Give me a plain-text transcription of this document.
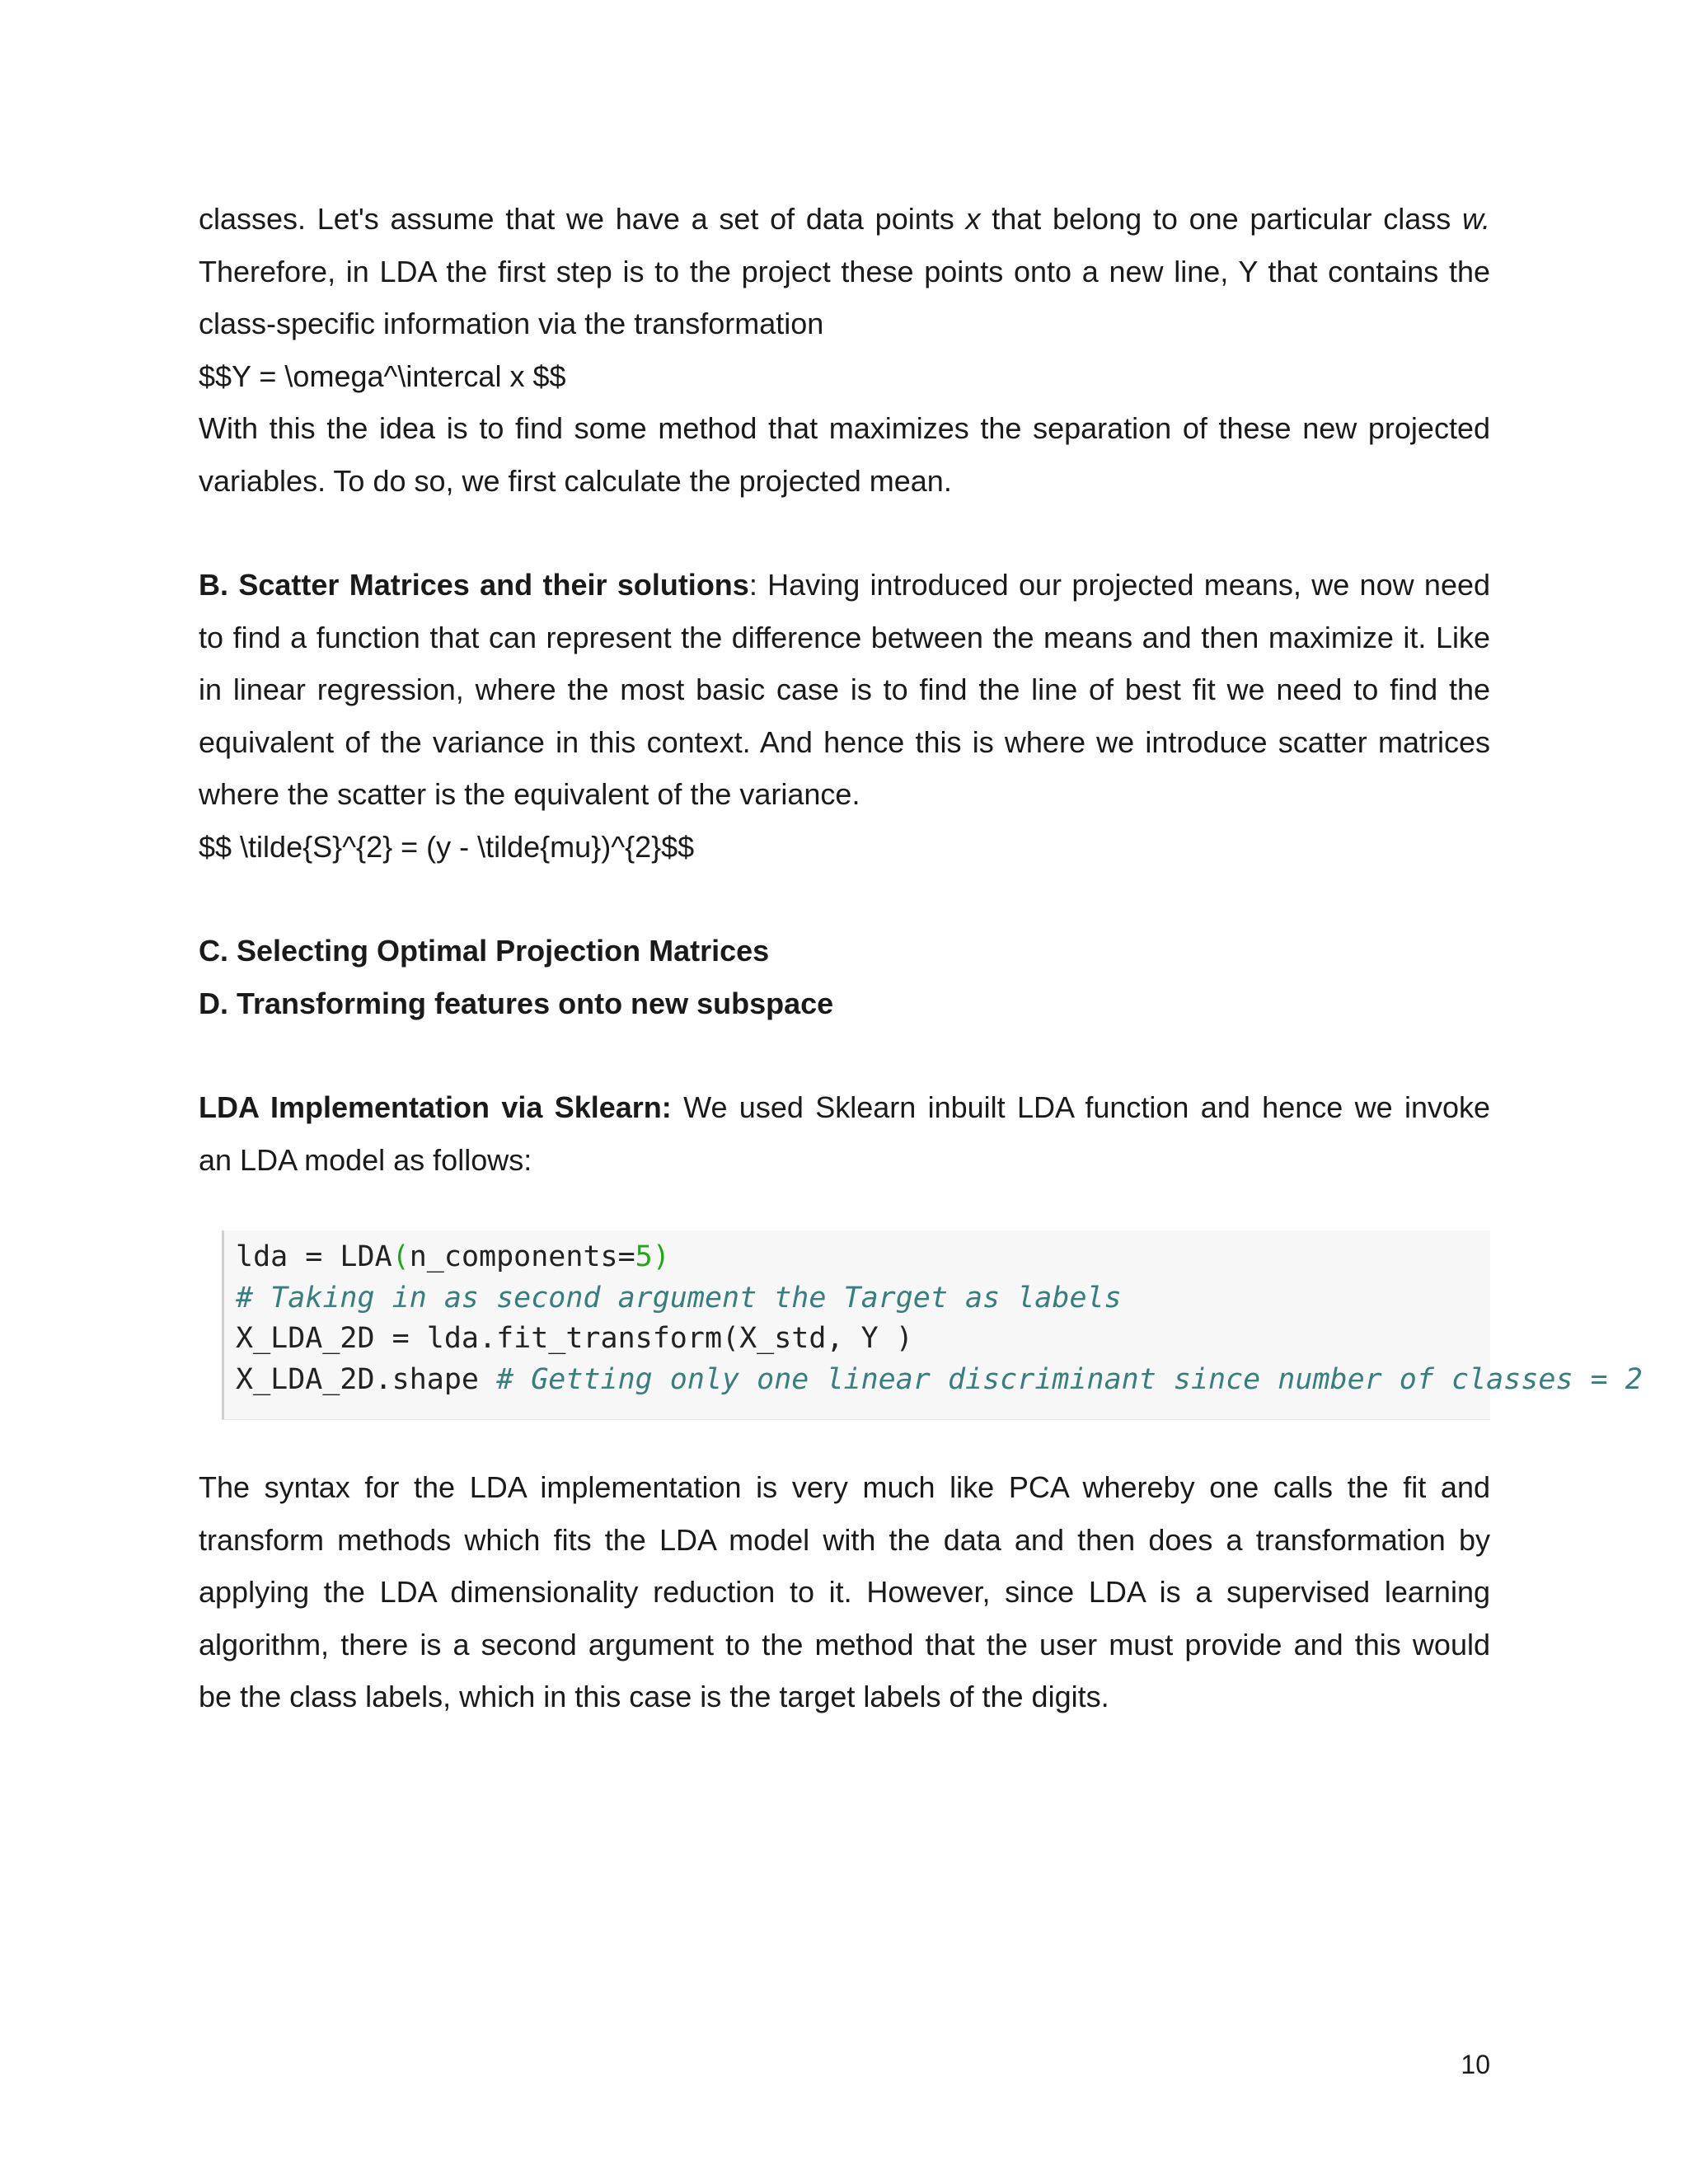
classes. Let's assume that we have a set of data points x that belong to one particular class w.
Therefore, in LDA the first step is to the project these points onto a new line, Y that contains the
class-specific information via the transformation
$$Y = \omega^\intercal x $$
With this the idea is to find some method that maximizes the separation of these new projected
variables. To do so, we first calculate the projected mean.
B. Scatter Matrices and their solutions: Having introduced our projected means, we now need
to find a function that can represent the difference between the means and then maximize it. Like
in linear regression, where the most basic case is to find the line of best fit we need to find the
equivalent of the variance in this context. And hence this is where we introduce scatter matrices
where the scatter is the equivalent of the variance.
$$ \tilde{S}^{2} = (y - \tilde{mu})^{2}$$

C. Selecting Optimal Projection Matrices

D. Transforming features onto new subspace

LDA Implementation via Sklearn: We used Sklearn inbuilt LDA function and hence we invoke
an LDA model as follows:
lda = LDA(n_components=5)
# Taking in as second argument the Target as labels
X_LDA_2D = lda.fit_transform(X_std, Y )
X_LDA_2D.shape # Getting only one linear discriminant since number of classes = 2
The syntax for the LDA implementation is very much like PCA whereby one calls the fit and
transform methods which fits the LDA model with the data and then does a transformation by
applying the LDA dimensionality reduction to it. However, since LDA is a supervised learning
algorithm, there is a second argument to the method that the user must provide and this would
be the class labels, which in this case is the target labels of the digits.
10
